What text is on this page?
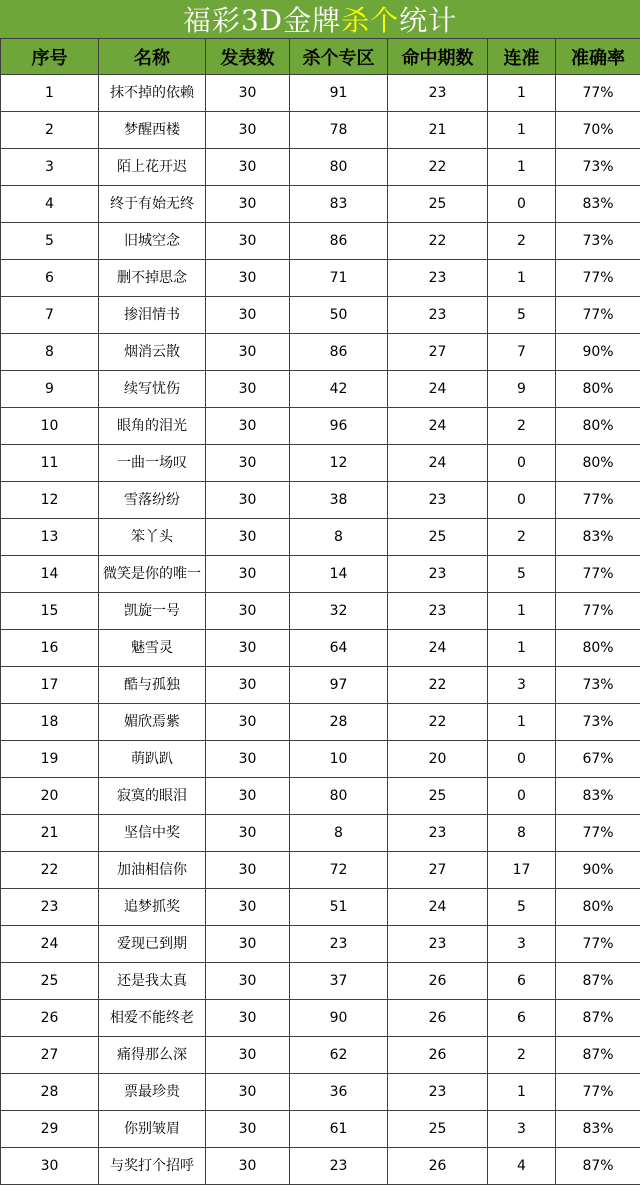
福彩3D金牌 杀个 统计
序号	名称	发表数	杀个专区	命中期数	连准	准确率
1	抹不掉的依赖	30	91	23	1	77%
2	梦醒西楼	30	78	21	1	70%
3	陌上花开迟	30	80	22	1	73%
4	终于有始无终	30	83	25	0	83%
5	旧城空念	30	86	22	2	73%
6	删不掉思念	30	71	23	1	77%
7	掺泪情书	30	50	23	5	77%
8	烟消云散	30	86	27	7	90%
9	续写忧伤	30	42	24	9	80%
10	眼角的泪光	30	96	24	2	80%
11	一曲一场叹	30	12	24	0	80%
12	雪落纷纷	30	38	23	0	77%
13	笨丫头	30	8	25	2	83%
14	微笑是你的唯一	30	14	23	5	77%
15	凯旋一号	30	32	23	1	77%
16	魅雪灵	30	64	24	1	80%
17	酷与孤独	30	97	22	3	73%
18	媚欣焉紫	30	28	22	1	73%
19	萌趴趴	30	10	20	0	67%
20	寂寞的眼泪	30	80	25	0	83%
21	坚信中奖	30	8	23	8	77%
22	加油相信你	30	72	27	17	90%
23	追梦抓奖	30	51	24	5	80%
24	爱现已到期	30	23	23	3	77%
25	还是我太真	30	37	26	6	87%
26	相爱不能终老	30	90	26	6	87%
27	痛得那么深	30	62	26	2	87%
28	票最珍贵	30	36	23	1	77%
29	你别皱眉	30	61	25	3	83%
30	与奖打个招呼	30	23	26	4	87%
